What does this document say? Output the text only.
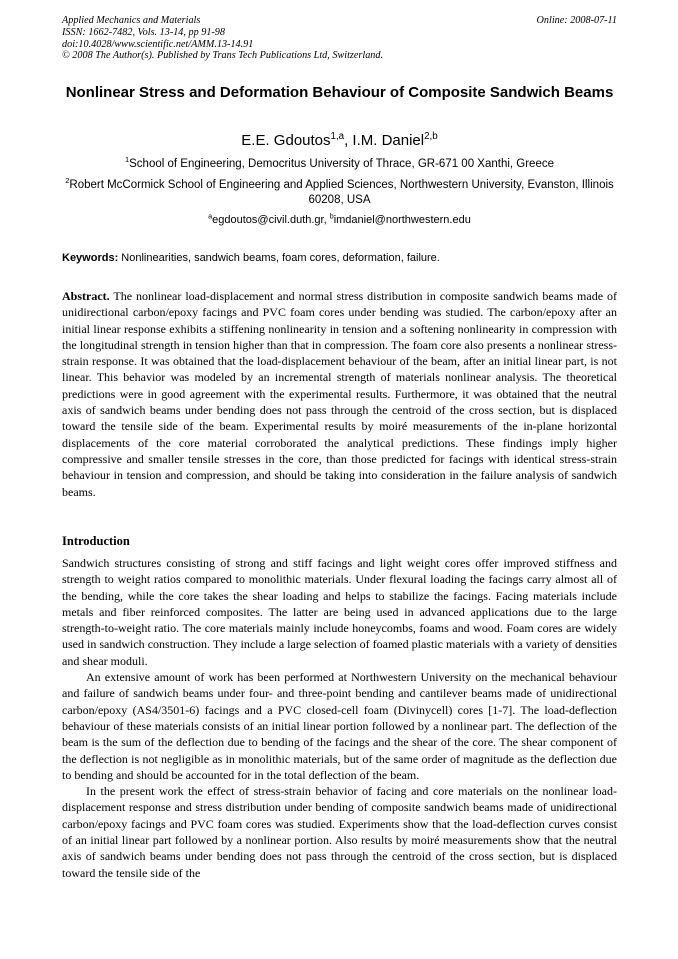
Applied Mechanics and Materials
ISSN: 1662-7482, Vols. 13-14, pp 91-98
doi:10.4028/www.scientific.net/AMM.13-14.91
© 2008 The Author(s). Published by Trans Tech Publications Ltd, Switzerland.
Online: 2008-07-11
Nonlinear Stress and Deformation Behaviour of Composite Sandwich Beams
E.E. Gdoutos$^{1,a}$, I.M. Daniel$^{2,b}$
$^1$School of Engineering, Democritus University of Thrace, GR-671 00 Xanthi, Greece
$^2$Robert McCormick School of Engineering and Applied Sciences, Northwestern University, Evanston, Illinois 60208, USA
$^a$egdoutos@civil.duth.gr, $^b$imdaniel@northwestern.edu
Keywords: Nonlinearities, sandwich beams, foam cores, deformation, failure.
Abstract. The nonlinear load-displacement and normal stress distribution in composite sandwich beams made of unidirectional carbon/epoxy facings and PVC foam cores under bending was studied. The carbon/epoxy after an initial linear response exhibits a stiffening nonlinearity in tension and a softening nonlinearity in compression with the longitudinal strength in tension higher than that in compression. The foam core also presents a nonlinear stress-strain response. It was obtained that the load-displacement behaviour of the beam, after an initial linear part, is not linear. This behavior was modeled by an incremental strength of materials nonlinear analysis. The theoretical predictions were in good agreement with the experimental results. Furthermore, it was obtained that the neutral axis of sandwich beams under bending does not pass through the centroid of the cross section, but is displaced toward the tensile side of the beam. Experimental results by moiré measurements of the in-plane horizontal displacements of the core material corroborated the analytical predictions. These findings imply higher compressive and smaller tensile stresses in the core, than those predicted for facings with identical stress-strain behaviour in tension and compression, and should be taking into consideration in the failure analysis of sandwich beams.
Introduction

Sandwich structures consisting of strong and stiff facings and light weight cores offer improved stiffness and strength to weight ratios compared to monolithic materials. Under flexural loading the facings carry almost all of the bending, while the core takes the shear loading and helps to stabilize the facings. Facing materials include metals and fiber reinforced composites. The latter are being used in advanced applications due to the large strength-to-weight ratio. The core materials mainly include honeycombs, foams and wood. Foam cores are widely used in sandwich construction. They include a large selection of foamed plastic materials with a variety of densities and shear moduli.

An extensive amount of work has been performed at Northwestern University on the mechanical behaviour and failure of sandwich beams under four- and three-point bending and cantilever beams made of unidirectional carbon/epoxy (AS4/3501-6) facings and a PVC closed-cell foam (Divinycell) cores [1-7]. The load-deflection behaviour of these materials consists of an initial linear portion followed by a nonlinear part. The deflection of the beam is the sum of the deflection due to bending of the facings and the shear of the core. The shear component of the deflection is not negligible as in monolithic materials, but of the same order of magnitude as the deflection due to bending and should be accounted for in the total deflection of the beam.

In the present work the effect of stress-strain behavior of facing and core materials on the nonlinear load-displacement response and stress distribution under bending of composite sandwich beams made of unidirectional carbon/epoxy facings and PVC foam cores was studied. Experiments show that the load-deflection curves consist of an initial linear part followed by a nonlinear portion. Also results by moiré measurements show that the neutral axis of sandwich beams under bending does not pass through the centroid of the cross section, but is displaced toward the tensile side of the
